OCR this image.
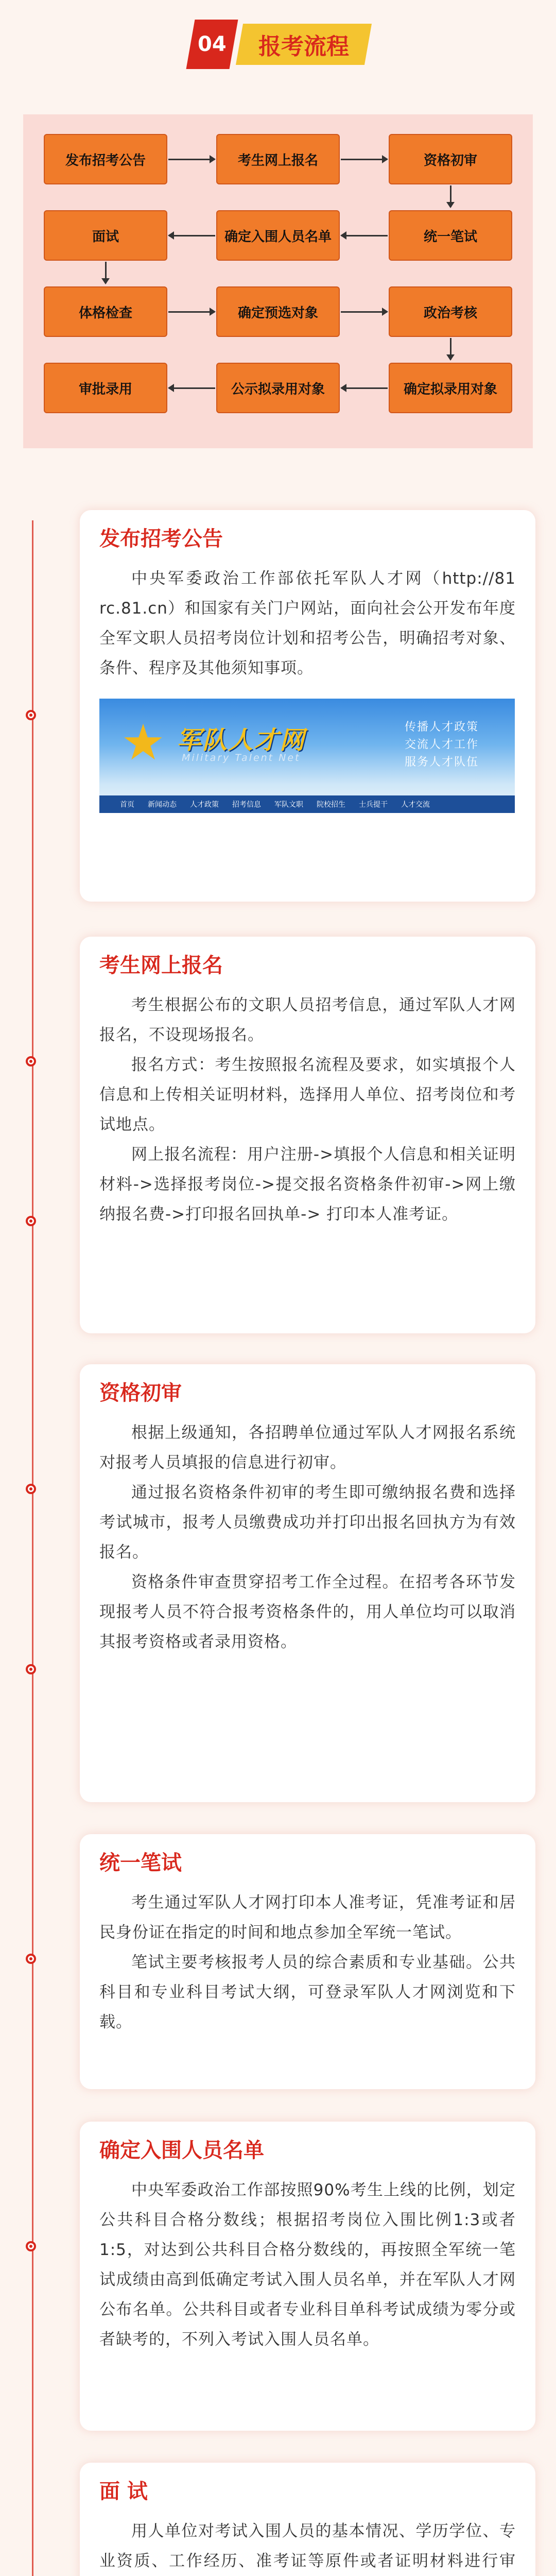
04 报考流程
发布招考公告	考生网上报名	资格初审
面试	确定入围人员名单	统一笔试
体格检查	确定预选对象	政治考核
审批录用	公示拟录用对象	确定拟录用对象
发布招考公告

中央军委政治工作部依托军队人才网（http://81 rc.81.cn）和国家有关门户网站，面向社会公开发布年度全军文职人员招考岗位计划和招考公告，明确招考对象、条件、程序及其他须知事项。

★ 军队人才网
Military Talent Net
传播人才政策
交流人才工作
服务人才队伍
首页 新闻动态 人才政策 招考信息 军队文职 院校招生 士兵提干 人才交流
考生网上报名

考生根据公布的文职人员招考信息，通过军队人才网报名，不设现场报名。

报名方式：考生按照报名流程及要求，如实填报个人信息和上传相关证明材料，选择用人单位、招考岗位和考试地点。

网上报名流程：用户注册->填报个人信息和相关证明材料->选择报考岗位->提交报名资格条件初审->网上缴纳报名费->打印报名回执单-> 打印本人准考证。

资格初审

根据上级通知，各招聘单位通过军队人才网报名系统对报考人员填报的信息进行初审。

通过报名资格条件初审的考生即可缴纳报名费和选择考试城市，报考人员缴费成功并打印出报名回执方为有效报名。

资格条件审查贯穿招考工作全过程。在招考各环节发现报考人员不符合报考资格条件的，用人单位均可以取消其报考资格或者录用资格。

统一笔试

考生通过军队人才网打印本人准考证，凭准考证和居民身份证在指定的时间和地点参加全军统一笔试。

笔试主要考核报考人员的综合素质和专业基础。公共科目和专业科目考试大纲，可登录军队人才网浏览和下载。

确定入围人员名单

中央军委政治工作部按照90%考生上线的比例，划定公共科目合格分数线；根据招考岗位入围比例1:3或者1:5，对达到公共科目合格分数线的，再按照全军统一笔试成绩由高到低确定考试入围人员名单，并在军队人才网公布名单。公共科目或者专业科目单科考试成绩为零分或者缺考的，不列入考试入围人员名单。

面 试

用人单位对考试入围人员的基本情况、学历学位、专业资质、工作经历、准考证等原件或者证明材料进行审
